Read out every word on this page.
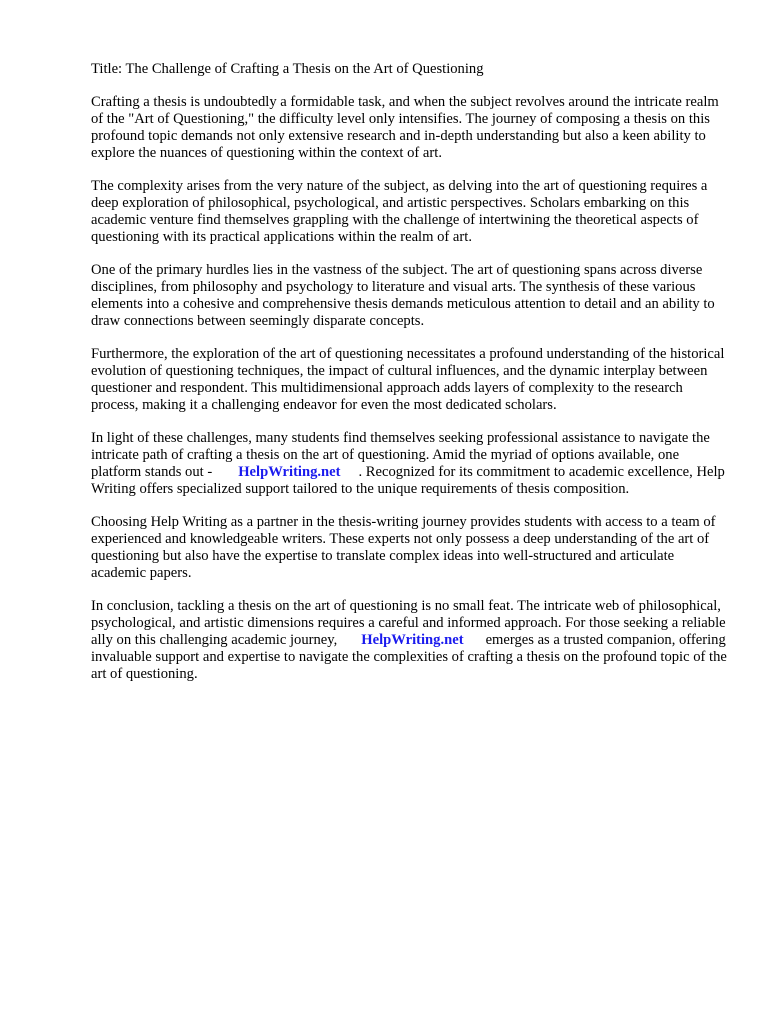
Title: The Challenge of Crafting a Thesis on the Art of Questioning

Crafting a thesis is undoubtedly a formidable task, and when the subject revolves around the intricate realm of the "Art of Questioning," the difficulty level only intensifies. The journey of composing a thesis on this profound topic demands not only extensive research and in-depth understanding but also a keen ability to explore the nuances of questioning within the context of art.

The complexity arises from the very nature of the subject, as delving into the art of questioning requires a deep exploration of philosophical, psychological, and artistic perspectives. Scholars embarking on this academic venture find themselves grappling with the challenge of intertwining the theoretical aspects of questioning with its practical applications within the realm of art.

One of the primary hurdles lies in the vastness of the subject. The art of questioning spans across diverse disciplines, from philosophy and psychology to literature and visual arts. The synthesis of these various elements into a cohesive and comprehensive thesis demands meticulous attention to detail and an ability to draw connections between seemingly disparate concepts.

Furthermore, the exploration of the art of questioning necessitates a profound understanding of the historical evolution of questioning techniques, the impact of cultural influences, and the dynamic interplay between questioner and respondent. This multidimensional approach adds layers of complexity to the research process, making it a challenging endeavor for even the most dedicated scholars.

In light of these challenges, many students find themselves seeking professional assistance to navigate the intricate path of crafting a thesis on the art of questioning. Amid the myriad of options available, one platform stands out - HelpWriting.net . Recognized for its commitment to academic excellence, Help Writing offers specialized support tailored to the unique requirements of thesis composition.

Choosing Help Writing as a partner in the thesis-writing journey provides students with access to a team of experienced and knowledgeable writers. These experts not only possess a deep understanding of the art of questioning but also have the expertise to translate complex ideas into well-structured and articulate academic papers.

In conclusion, tackling a thesis on the art of questioning is no small feat. The intricate web of philosophical, psychological, and artistic dimensions requires a careful and informed approach. For those seeking a reliable ally on this challenging academic journey, HelpWriting.net emerges as a trusted companion, offering invaluable support and expertise to navigate the complexities of crafting a thesis on the profound topic of the art of questioning.
